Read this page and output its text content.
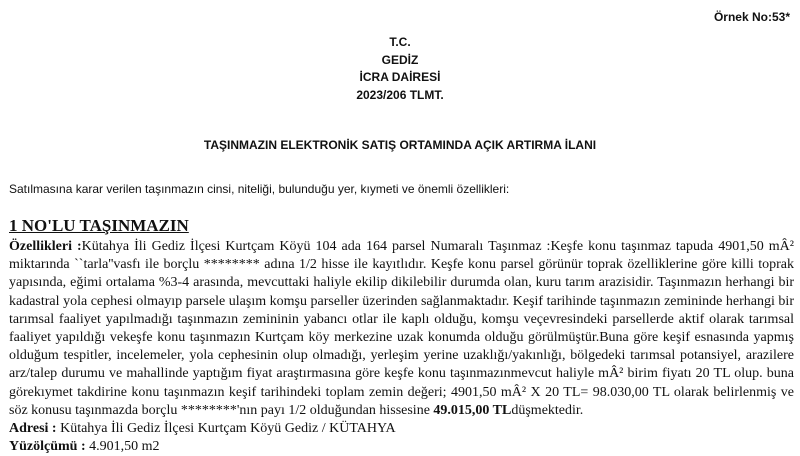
Örnek No:53*
T.C.
GEDİZ
İCRA DAİRESİ
2023/206 TLMT.
TAŞINMAZIN ELEKTRONİK SATIŞ ORTAMINDA AÇIK ARTIRMA İLANI
Satılmasına karar verilen taşınmazın cinsi, niteliği, bulunduğu yer, kıymeti ve önemli özellikleri:
1 NO'LU TAŞINMAZIN
Özellikleri :Kütahya İli Gediz İlçesi Kurtçam Köyü 104 ada 164 parsel Numaralı Taşınmaz :Keşfe konu taşınmaz tapuda 4901,50 mÂ² miktarında ``tarla''vasfı ile borçlu ******** adına 1/2 hisse ile kayıtlıdır. Keşfe konu parsel görünür toprak özelliklerine göre killi toprak yapısında, eğimi ortalama %3-4 arasında, mevcuttaki haliyle ekilip dikilebilir durumda olan, kuru tarım arazisidir. Taşınmazın herhangi bir kadastral yola cephesi olmayıp parsele ulaşım komşu parseller üzerinden sağlanmaktadır. Keşif tarihinde taşınmazın zemininde herhangi bir tarımsal faaliyet yapılmadığı taşınmazın zemininin yabancı otlar ile kaplı olduğu, komşu veçevresindeki parsellerde aktif olarak tarımsal faaliyet yapıldığı vekeşfe konu taşınmazın Kurtçam köy merkezine uzak konumda olduğu görülmüştür.Buna göre keşif esnasında yapmış olduğum tespitler, incelemeler, yola cephesinin olup olmadığı, yerleşim yerine uzaklığı/yakınlığı, bölgedeki tarımsal potansiyel, arazilere arz/talep durumu ve mahallinde yaptığım fiyat araştırmasına göre keşfe konu taşınmazınmevcut haliyle mÂ² birim fiyatı 20 TL olup. buna görekıymet takdirine konu taşınmazın keşif tarihindeki toplam zemin değeri; 4901,50 mÂ² X 20 TL= 98.030,00 TL olarak belirlenmiş ve söz konusu taşınmazda borçlu ********'nın payı 1/2 olduğundan hissesine 49.015,00 TLdüşmektedir.
Adresi : Kütahya İli Gediz İlçesi Kurtçam Köyü Gediz / KÜTAHYA
Yüzölçümü : 4.901,50 m2
